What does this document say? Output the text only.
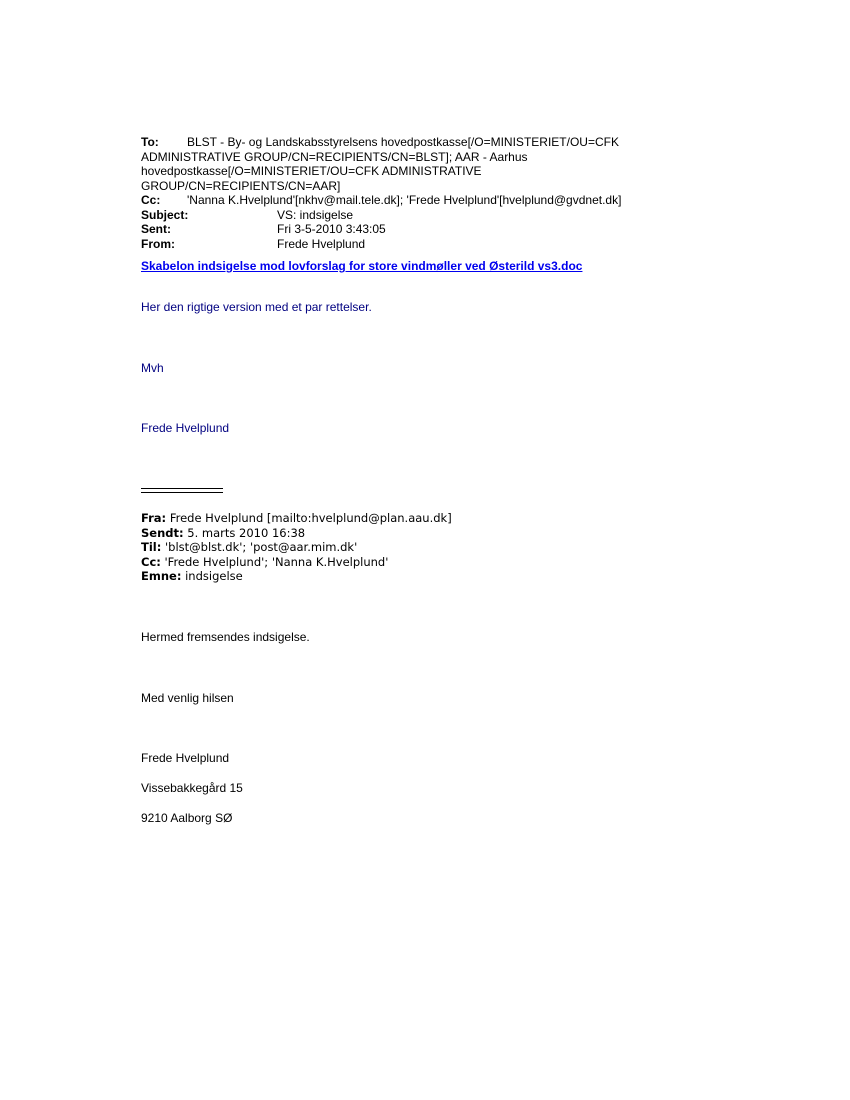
To: BLST - By- og Landskabsstyrelsens hovedpostkasse[/O=MINISTERIET/OU=CFK
ADMINISTRATIVE GROUP/CN=RECIPIENTS/CN=BLST]; AAR - Aarhus
hovedpostkasse[/O=MINISTERIET/OU=CFK ADMINISTRATIVE
GROUP/CN=RECIPIENTS/CN=AAR]
Cc: 'Nanna K.Hvelplund'[nkhv@mail.tele.dk]; 'Frede Hvelplund'[hvelplund@gvdnet.dk]
Subject:	VS: indsigelse
Sent:	Fri 3-5-2010 3:43:05
From:	Frede Hvelplund
Skabelon indsigelse mod lovforslag for store vindmøller ved Østerild vs3.doc
Her den rigtige version med et par rettelser.
Mvh
Frede Hvelplund
Fra: Frede Hvelplund [mailto:hvelplund@plan.aau.dk]
Sendt: 5. marts 2010 16:38
Til: 'blst@blst.dk'; 'post@aar.mim.dk'
Cc: 'Frede Hvelplund'; 'Nanna K.Hvelplund'
Emne: indsigelse
Hermed fremsendes indsigelse.
Med venlig hilsen
Frede Hvelplund
Vissebakkegård 15
9210 Aalborg SØ
